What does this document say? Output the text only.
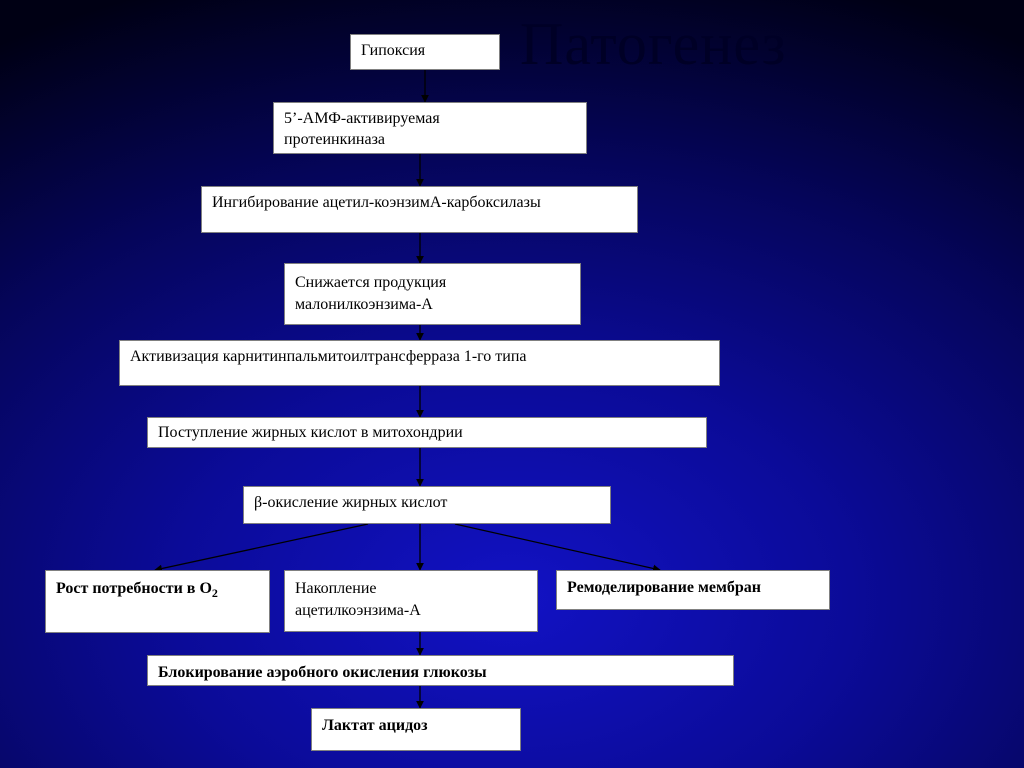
Патогенез
Гипоксия
5’-АМФ-активируемая
протеинкиназа
Ингибирование ацетил-коэнзимА-карбоксилазы
Снижается продукция
малонилкоэнзима-А
Активизация карнитинпальмитоилтрансферраза 1-го типа
Поступление жирных кислот в митохондрии
β-окисление жирных кислот
Рост потребности в $О_2$	Накопление
ацетилкоэнзима-А
Ремоделирование мембран
Блокирование аэробного окисления глюкозы
Лактат ацидоз
